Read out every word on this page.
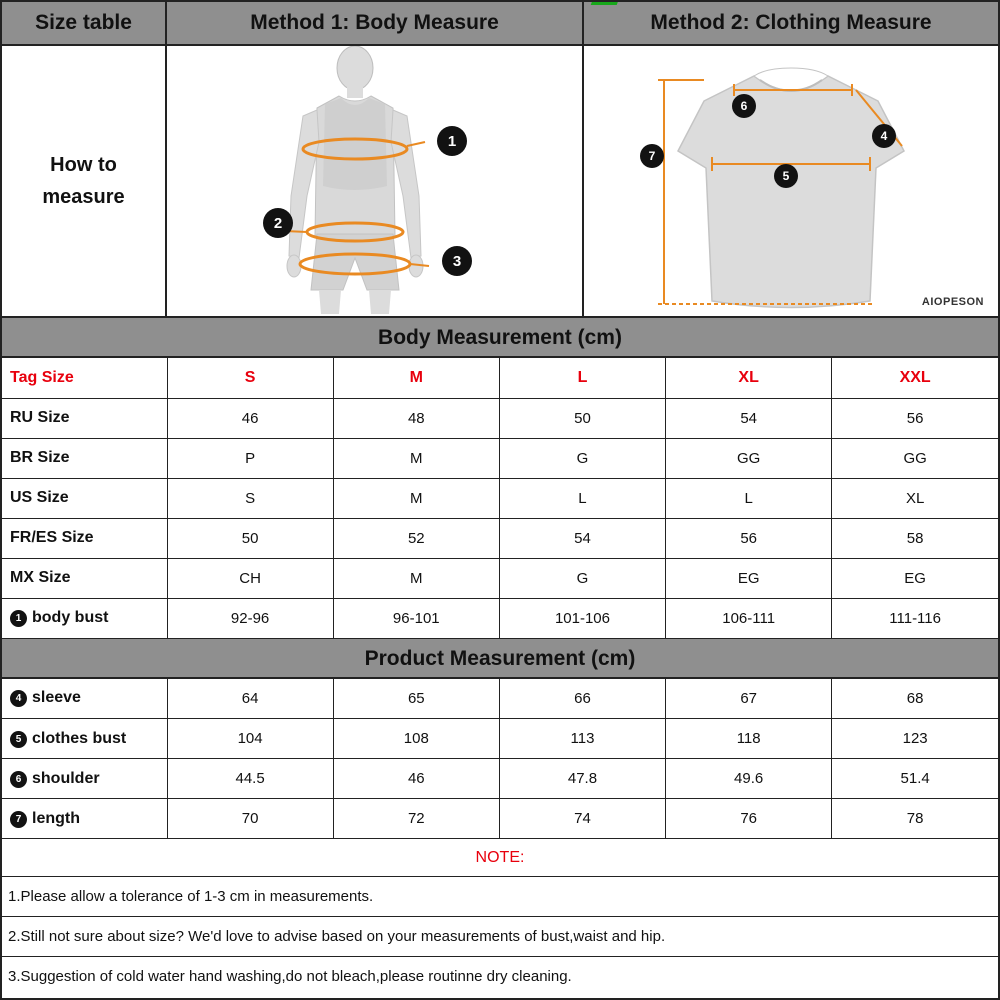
Size table	Method 1: Body Measure	Method 2: Clothing Measure
How to
measure
1
2
3
4
5
6
7
AIOPESON
Body Measurement (cm)
Tag Size	S	M	L	XL	XXL
RU Size	46	48	50	54	56
BR Size	P	M	G	GG	GG
US Size	S	M	L	L	XL
FR/ES Size	50	52	54	56	58
MX Size	CH	M	G	EG	EG
1 body bust	92-96	96-101	101-106	106-111	111-116
Product Measurement (cm)
4 sleeve	64	65	66	67	68
5 clothes bust	104	108	113	118	123
6 shoulder	44.5	46	47.8	49.6	51.4
7 length	70	72	74	76	78
NOTE:
1.Please allow a tolerance of 1-3 cm in measurements.
2.Still not sure about size? We'd love to advise based on your measurements of bust,waist and hip.
3.Suggestion of cold water hand washing,do not bleach,please routinne dry cleaning.
